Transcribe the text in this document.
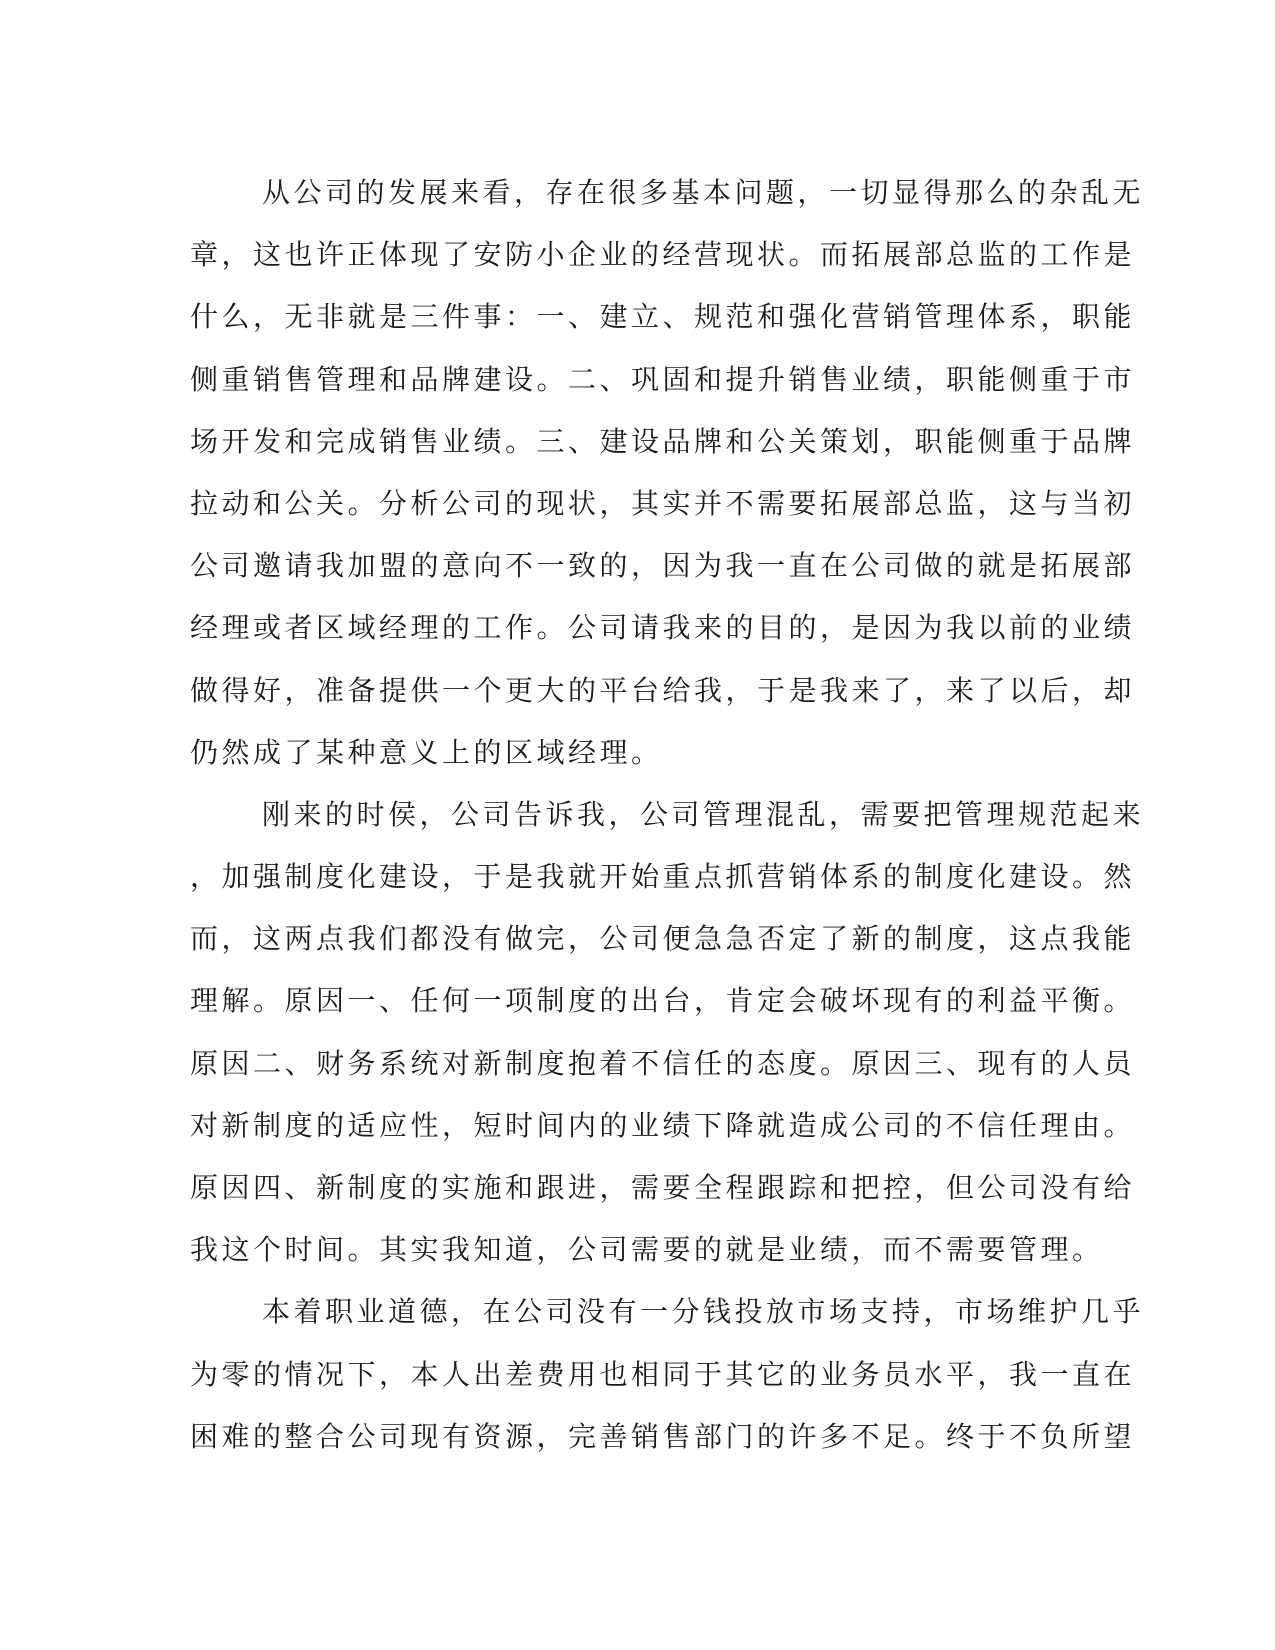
从公司的发展来看，存在很多基本问题，一切显得那么的杂乱无
章，这也许正体现了安防小企业的经营现状。而拓展部总监的工作是
什么，无非就是三件事：一、建立、规范和强化营销管理体系，职能
侧重销售管理和品牌建设。二、巩固和提升销售业绩，职能侧重于市
场开发和完成销售业绩。三、建设品牌和公关策划，职能侧重于品牌
拉动和公关。分析公司的现状，其实并不需要拓展部总监，这与当初
公司邀请我加盟的意向不一致的，因为我一直在公司做的就是拓展部
经理或者区域经理的工作。公司请我来的目的，是因为我以前的业绩
做得好，准备提供一个更大的平台给我，于是我来了，来了以后，却
仍然成了某种意义上的区域经理。
刚来的时侯，公司告诉我，公司管理混乱，需要把管理规范起来
，加强制度化建设，于是我就开始重点抓营销体系的制度化建设。然
而，这两点我们都没有做完，公司便急急否定了新的制度，这点我能
理解。原因一、任何一项制度的出台，肯定会破坏现有的利益平衡。
原因二、财务系统对新制度抱着不信任的态度。原因三、现有的人员
对新制度的适应性，短时间内的业绩下降就造成公司的不信任理由。
原因四、新制度的实施和跟进，需要全程跟踪和把控，但公司没有给
我这个时间。其实我知道，公司需要的就是业绩，而不需要管理。
本着职业道德，在公司没有一分钱投放市场支持，市场维护几乎
为零的情况下，本人出差费用也相同于其它的业务员水平，我一直在
困难的整合公司现有资源，完善销售部门的许多不足。终于不负所望
